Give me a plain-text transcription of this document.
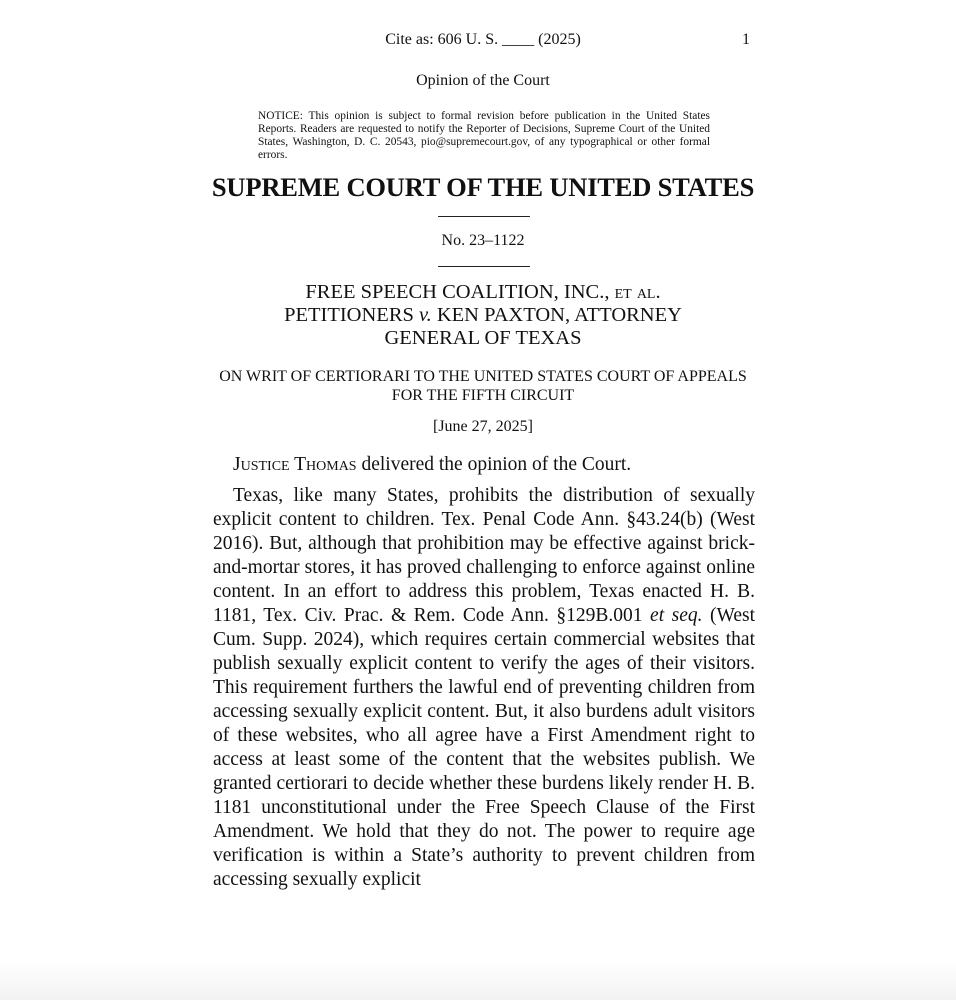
Cite as: 606 U. S. ____ (2025)	1
Opinion of the Court
NOTICE: This opinion is subject to formal revision before publication in the United States Reports. Readers are requested to notify the Reporter of Decisions, Supreme Court of the United States, Washington, D. C. 20543, pio@supremecourt.gov, of any typographical or other formal errors.
SUPREME COURT OF THE UNITED STATES
No. 23–1122
FREE SPEECH COALITION, INC., et al.
PETITIONERS v. KEN PAXTON, ATTORNEY
GENERAL OF TEXAS
ON WRIT OF CERTIORARI TO THE UNITED STATES COURT OF APPEALS FOR THE FIFTH CIRCUIT
[June 27, 2025]
Justice Thomas delivered the opinion of the Court.
Texas, like many States, prohibits the distribution of sexually explicit content to children. Tex. Penal Code Ann. §43.24(b) (West 2016). But, although that prohibition may be effective against brick-and-mortar stores, it has proved challenging to enforce against online content. In an effort to address this problem, Texas enacted H. B. 1181, Tex. Civ. Prac. & Rem. Code Ann. §129B.001 et seq. (West Cum. Supp. 2024), which requires certain commercial websites that publish sexually explicit content to verify the ages of their visitors. This requirement furthers the lawful end of preventing children from accessing sexually explicit content. But, it also burdens adult visitors of these websites, who all agree have a First Amendment right to access at least some of the content that the websites publish. We granted certiorari to decide whether these burdens likely render H. B. 1181 unconstitutional under the Free Speech Clause of the First Amendment. We hold that they do not. The power to require age verification is within a State’s authority to prevent children from accessing sexually explicit
